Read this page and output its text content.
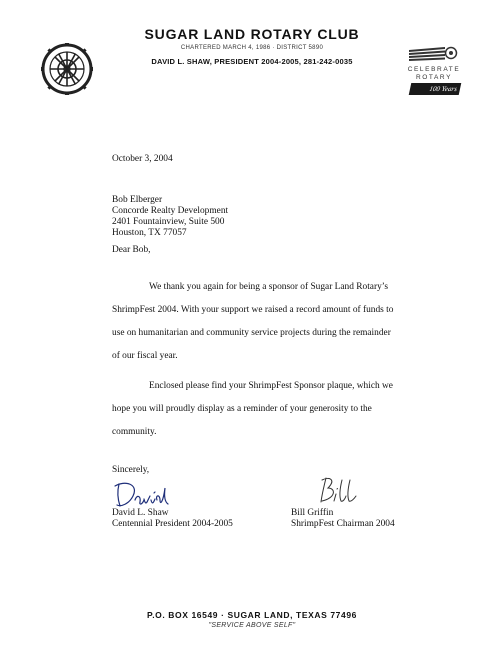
SUGAR LAND ROTARY CLUB
CHARTERED MARCH 4, 1986 · DISTRICT 5890
DAVID L. SHAW, PRESIDENT 2004-2005, 281-242-0035
CELEBRATE
ROTARY
100 Years
October 3, 2004
Bob Elberger
Concorde Realty Development
2401 Fountainview, Suite 500
Houston, TX 77057
Dear Bob,
We thank you again for being a sponsor of Sugar Land Rotary’s
ShrimpFest 2004. With your support we raised a record amount of funds to
use on humanitarian and community service projects during the remainder
of our fiscal year.
Enclosed please find your ShrimpFest Sponsor plaque, which we
hope you will proudly display as a reminder of your generosity to the
community.
Sincerely,
David L. Shaw
Centennial President 2004-2005
Bill Griffin
ShrimpFest Chairman 2004
P.O. BOX 16549 · SUGAR LAND, TEXAS 77496
"SERVICE ABOVE SELF"
